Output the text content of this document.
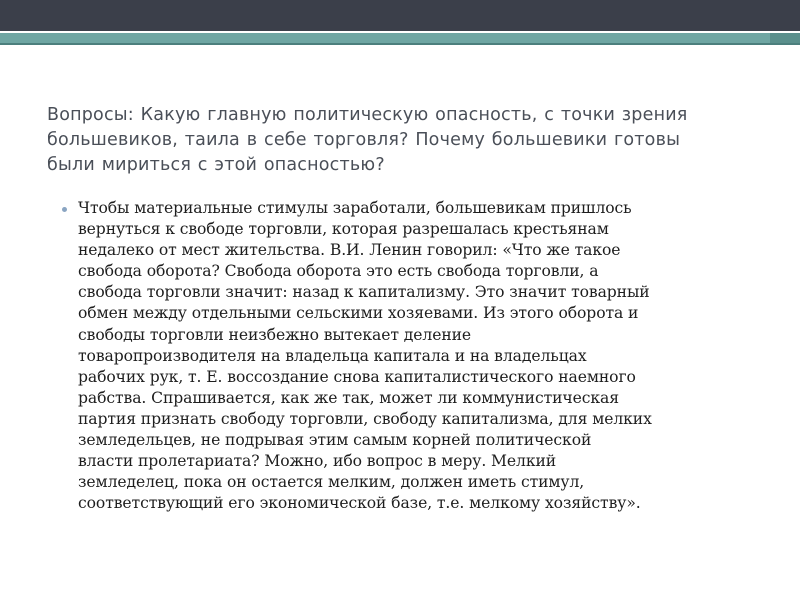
Вопросы: Какую главную политическую опасность, с точки зрения
большевиков, таила в себе торговля? Почему большевики готовы
были мириться с этой опасностью?
Чтобы материальные стимулы заработали, большевикам пришлось
вернуться к свободе торговли, которая разрешалась крестьянам
недалеко от мест жительства. В.И. Ленин говорил: «Что же такое
свобода оборота? Свобода оборота это есть свобода торговли, а
свобода торговли значит: назад к капитализму. Это значит товарный
обмен между отдельными сельскими хозяевами. Из этого оборота и
свободы торговли неизбежно вытекает деление
товаропроизводителя на владельца капитала и на владельцах
рабочих рук, т. Е. воссоздание снова капиталистического наемного
рабства. Спрашивается, как же так, может ли коммунистическая
партия признать свободу торговли, свободу капитализма, для мелких
земледельцев, не подрывая этим самым корней политической
власти пролетариата? Можно, ибо вопрос в меру. Мелкий
земледелец, пока он остается мелким, должен иметь стимул,
соответствующий его экономической базе, т.е. мелкому хозяйству».
